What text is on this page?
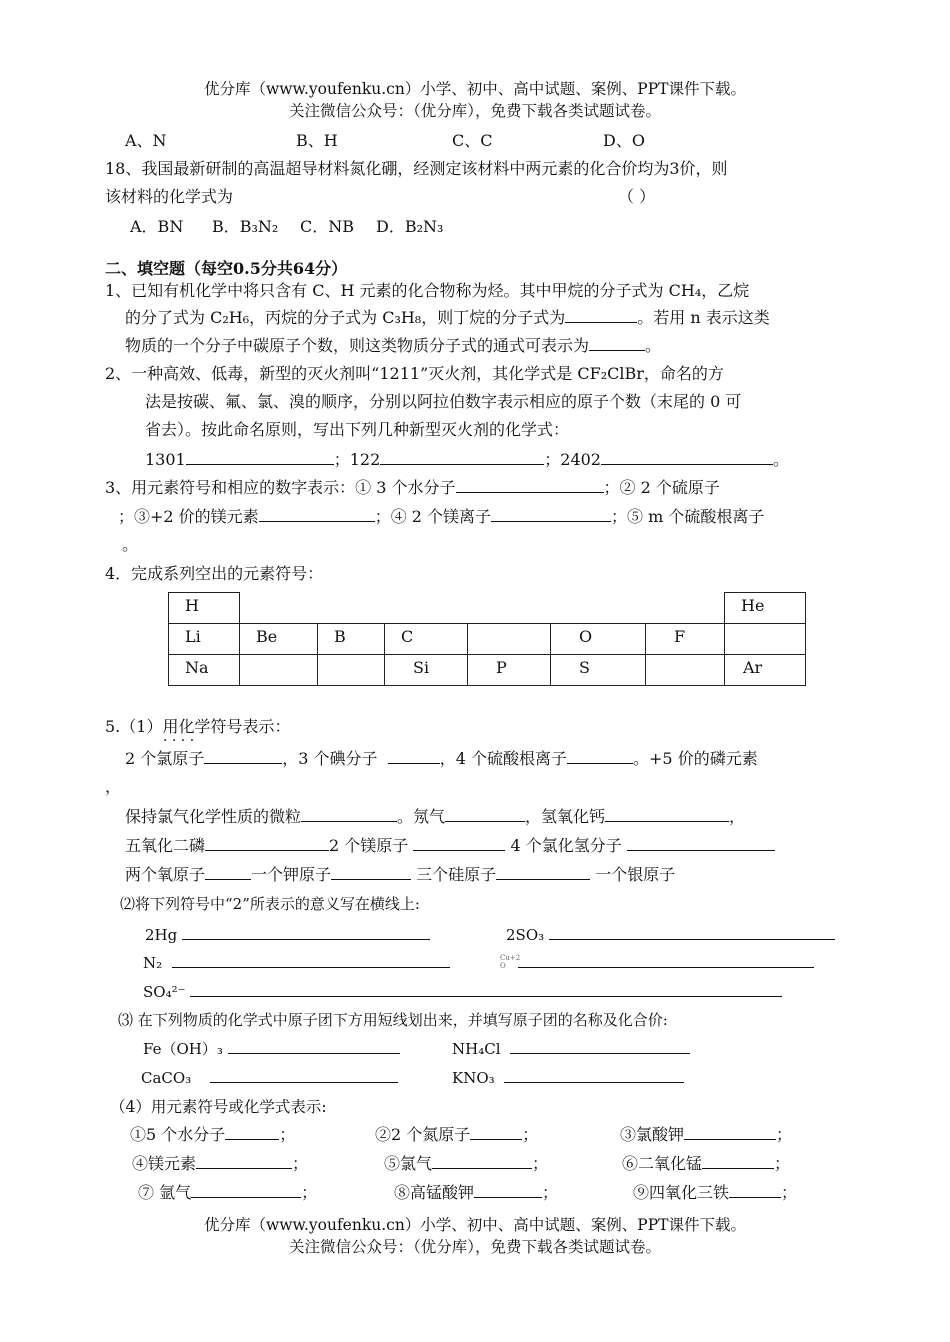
优分库（www.youfenku.cn）小学、初中、高中试题、案例、PPT课件下载。
关注微信公众号：（优分库），免费下载各类试题试卷。
A、N	B、H	C、C	D、O
18、我国最新研制的高温超导材料氮化硼，经测定该材料中两元素的化合价均为3价，则
该材料的化学式为	（ ）
A．BN B．B₃N₂ C．NB D．B₂N₃
二、填空题（每空0.5分共64分）
1、已知有机化学中将只含有 C、H 元素的化合物称为烃。其中甲烷的分子式为 CH₄，乙烷
的分了式为 C₂H₆，丙烷的分子式为 C₃H₈，则丁烷的分子式为	。若用 n 表示这类
物质的一个分子中碳原子个数，则这类物质分子式的通式可表示为	。
2、一种高效、低毒，新型的灭火剂叫“1211”灭火剂，其化学式是 CF₂ClBr，命名的方
法是按碳、氟、氯、溴的顺序，分别以阿拉伯数字表示相应的原子个数（末尾的 0 可
省去）。按此命名原则，写出下列几种新型灭火剂的化学式：
1301	；122	；2402	。
3、用元素符号和相应的数字表示：① 3 个水分子	；② 2 个硫原子
；③+2 价的镁元素	；④ 2 个镁离子	；⑤ m 个硫酸根离子
。
4．完成系列空出的元素符号：
H							He
Li	Be	B	C		O	F	
Na			Si	P	S		Ar
5.（1）用化学符号表示： · ·
2 个氯原子	，3 个碘分子	，4 个硫酸根离子	。+5 价的磷元素
，
保持氯气化学性质的微粒	。氖气	，氢氧化钙	，
五氧化二磷	2 个镁原子	4 个氯化氢分子
两个氧原子	一个钾原子	三个硅原子	一个银原子
⑵将下列符号中“2”所表示的意义写在横线上:
2Hg	2SO₃
N₂	Cu+2
O
SO₄²⁻
⑶ 在下列物质的化学式中原子团下方用短线划出来，并填写原子团的名称及化合价:
Fe（OH）₃	NH₄Cl
CaCO₃	KNO₃
（4）用元素符号或化学式表示:
①5 个水分子	；	②2 个氮原子	；	③氯酸钾	；
④镁元素	；	⑤氯气	；	⑥二氧化锰	；
⑦ 氩气	；	⑧高锰酸钾	；	⑨四氧化三铁	；
优分库（www.youfenku.cn）小学、初中、高中试题、案例、PPT课件下载。
关注微信公众号：（优分库），免费下载各类试题试卷。
